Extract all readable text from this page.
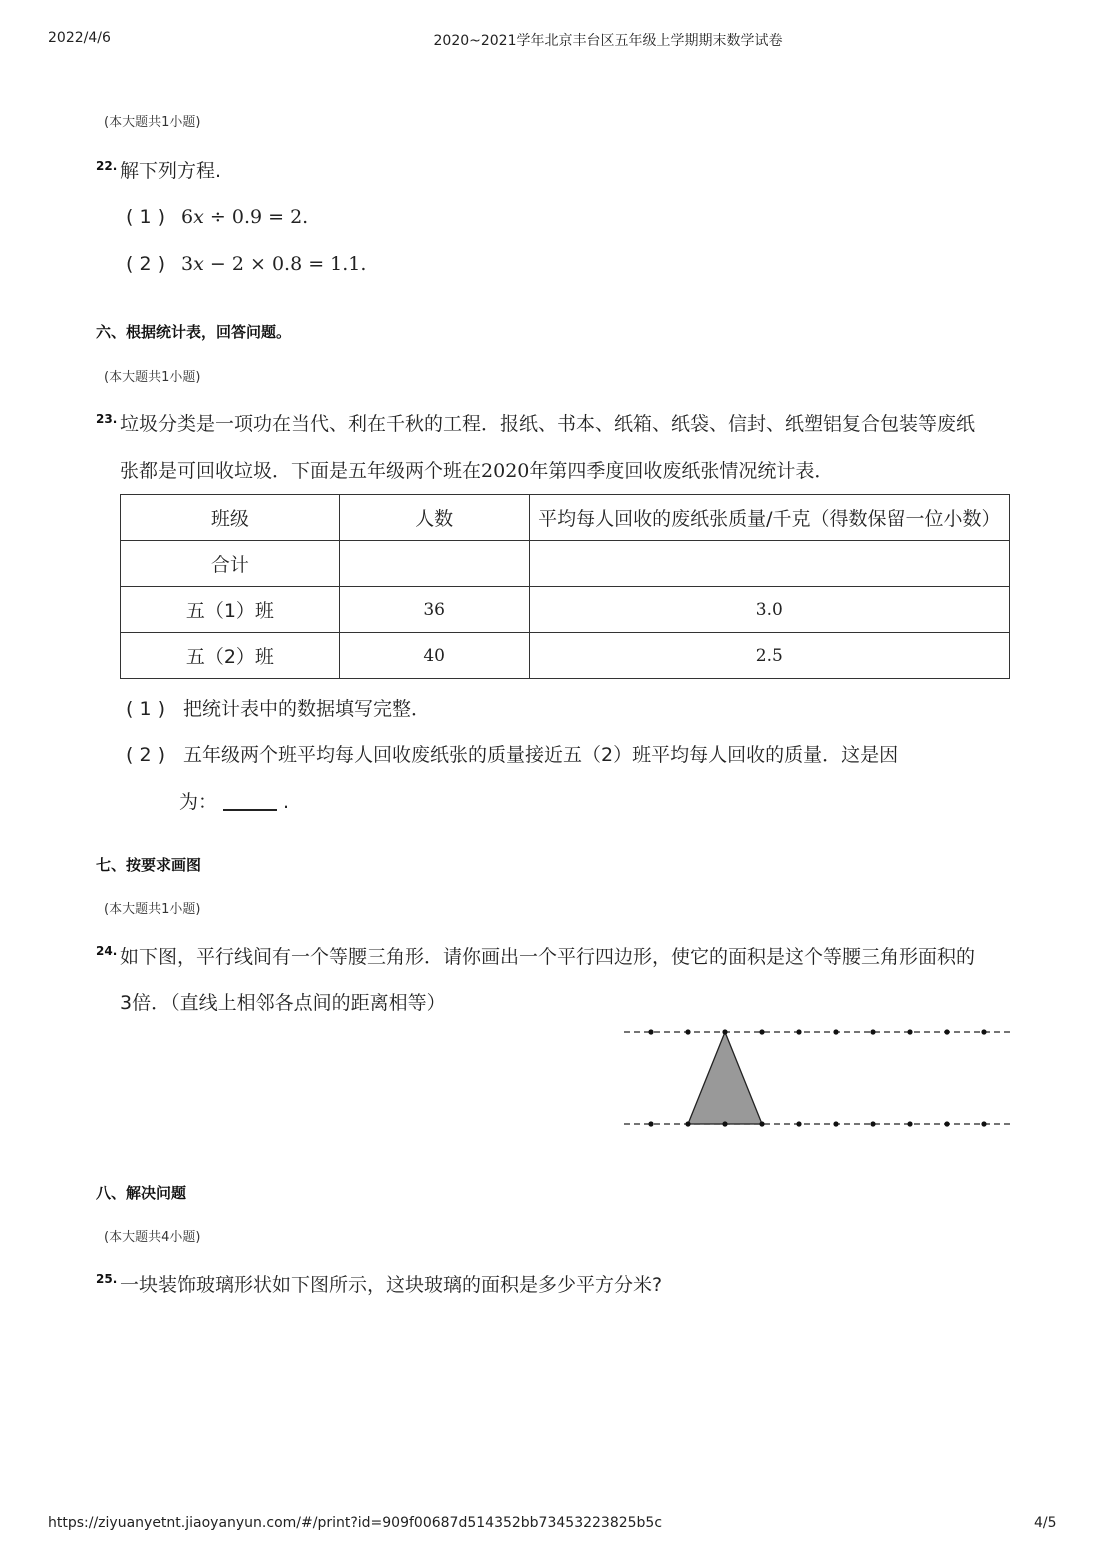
2022/4/6	2020~2021学年北京丰台区五年级上学期期末数学试卷
(本大题共1小题)
22. 解下列方程.
( 1 ) 6x ÷ 0.9 = 2.
( 2 ) 3x − 2 × 0.8 = 1.1.
六、根据统计表，回答问题。
(本大题共1小题)
23. 垃圾分类是一项功在当代、利在千秋的工程．报纸、书本、纸箱、纸袋、信封、纸塑铝复合包装等废纸
张都是可回收垃圾．下面是五年级两个班在2020年第四季度回收废纸张情况统计表．
班级	人数	平均每人回收的废纸张质量/千克（得数保留一位小数）
合计		
五（1）班	36	3.0
五（2）班	40	2.5
( 1 ) 把统计表中的数据填写完整．
( 2 ) 五年级两个班平均每人回收废纸张的质量接近五（2）班平均每人回收的质量．这是因
为：	.
七、按要求画图
(本大题共1小题)
24. 如下图，平行线间有一个等腰三角形．请你画出一个平行四边形，使它的面积是这个等腰三角形面积的
3倍．（直线上相邻各点间的距离相等）
八、解决问题
(本大题共4小题)
25. 一块装饰玻璃形状如下图所示，这块玻璃的面积是多少平方分米?
https://ziyuanyetnt.jiaoyanyun.com/#/print?id=909f00687d514352bb73453223825b5c	4/5
